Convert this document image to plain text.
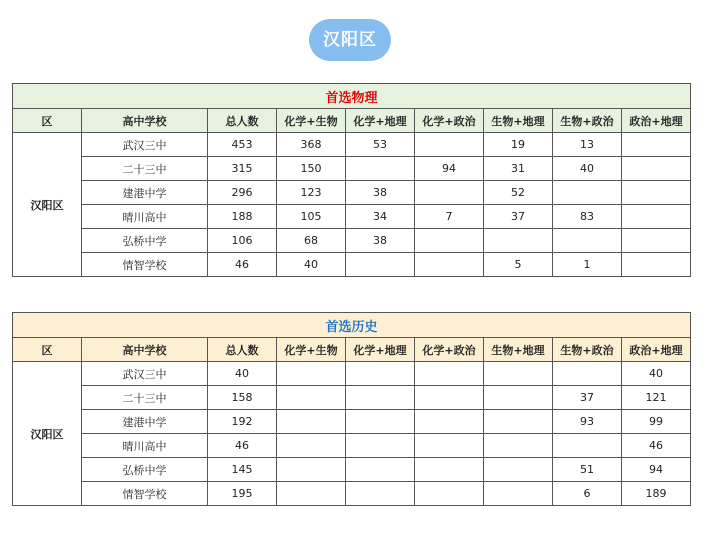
汉阳区
首选物理								
区	高中学校	总人数	化学+生物	化学+地理	化学+政治	生物+地理	生物+政治	政治+地理
汉阳区	武汉三中	453	368	53		19	13	
	二十三中	315	150		94	31	40	
	建港中学	296	123	38		52		
	晴川高中	188	105	34	7	37	83	
	弘桥中学	106	68	38				
	情智学校	46	40			5	1	
首选历史								
区	高中学校	总人数	化学+生物	化学+地理	化学+政治	生物+地理	生物+政治	政治+地理
汉阳区	武汉三中	40						40
	二十三中	158					37	121
	建港中学	192					93	99
	晴川高中	46						46
	弘桥中学	145					51	94
	情智学校	195					6	189
